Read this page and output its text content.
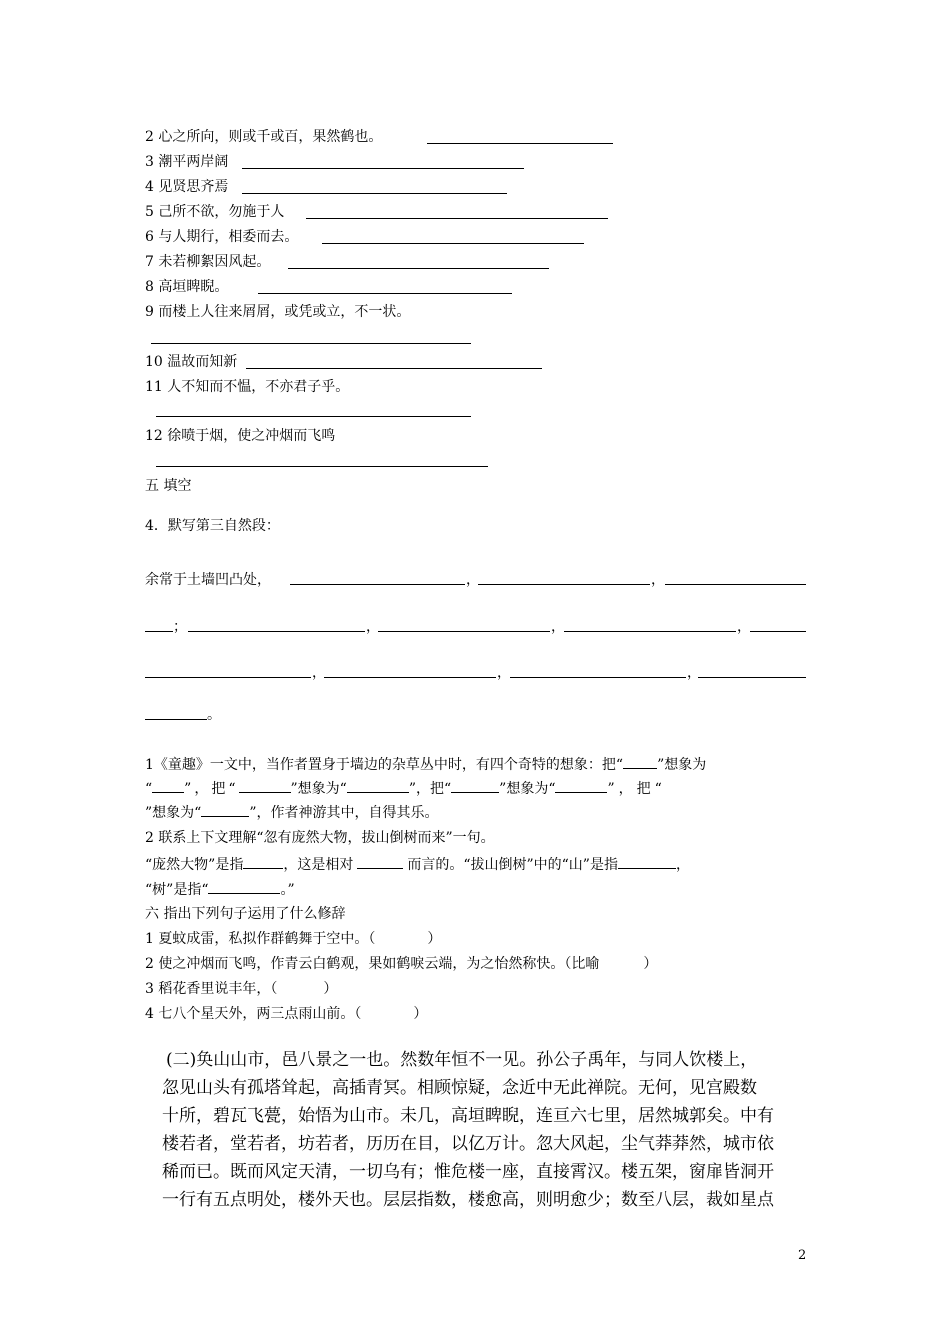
2 心之所向，则或千或百，果然鹤也。
3 潮平两岸阔
4 见贤思齐焉
5 己所不欲，勿施于人
6 与人期行，相委而去。
7 未若柳絮因风起。
8 高垣睥睨。
9 而楼上人往来屑屑，或凭或立，不一状。
10 温故而知新
11 人不知而不愠，不亦君子乎。
12 徐喷于烟，使之冲烟而飞鸣
五 填空
4．默写第三自然段：
余常于土墙凹凸处，	，	，
；	，	，	，
，	，	，
。
1《童趣》一文中，当作者置身于墙边的杂草丛中时，有四个奇特的想象：把“ ”想象为
“ ”，把“	”想象为“	”，把“	”想象为“	”，把“
”想象为“	”，作者神游其中，自得其乐。
2 联系上下文理解“忽有庞然大物，拔山倒树而来”一句。
“庞然大物”是指	，这是相对	而言的。“拔山倒树”中的“山”是指	，
“树”是指“	。”
六 指出下列句子运用了什么修辞
1 夏蚊成雷，私拟作群鹤舞于空中。（	）
2 使之冲烟而飞鸣，作青云白鹤观，果如鹤唳云端，为之怡然称快。（比喻	）
3 稻花香里说丰年，（	）
4 七八个星天外，两三点雨山前。（	）
(二)奂山山市，邑八景之一也。然数年恒不一见。孙公子禹年，与同人饮楼上，
忽见山头有孤塔耸起，高插青冥。相顾惊疑，念近中无此禅院。无何，见宫殿数
十所，碧瓦飞甍，始悟为山市。未几，高垣睥睨，连亘六七里，居然城郭矣。中有
楼若者，堂若者，坊若者，历历在目，以亿万计。忽大风起，尘气莽莽然，城市依
稀而已。既而风定天清，一切乌有；惟危楼一座，直接霄汉。楼五架，窗扉皆洞开
一行有五点明处，楼外天也。层层指数，楼愈高，则明愈少；数至八层，裁如星点
2
